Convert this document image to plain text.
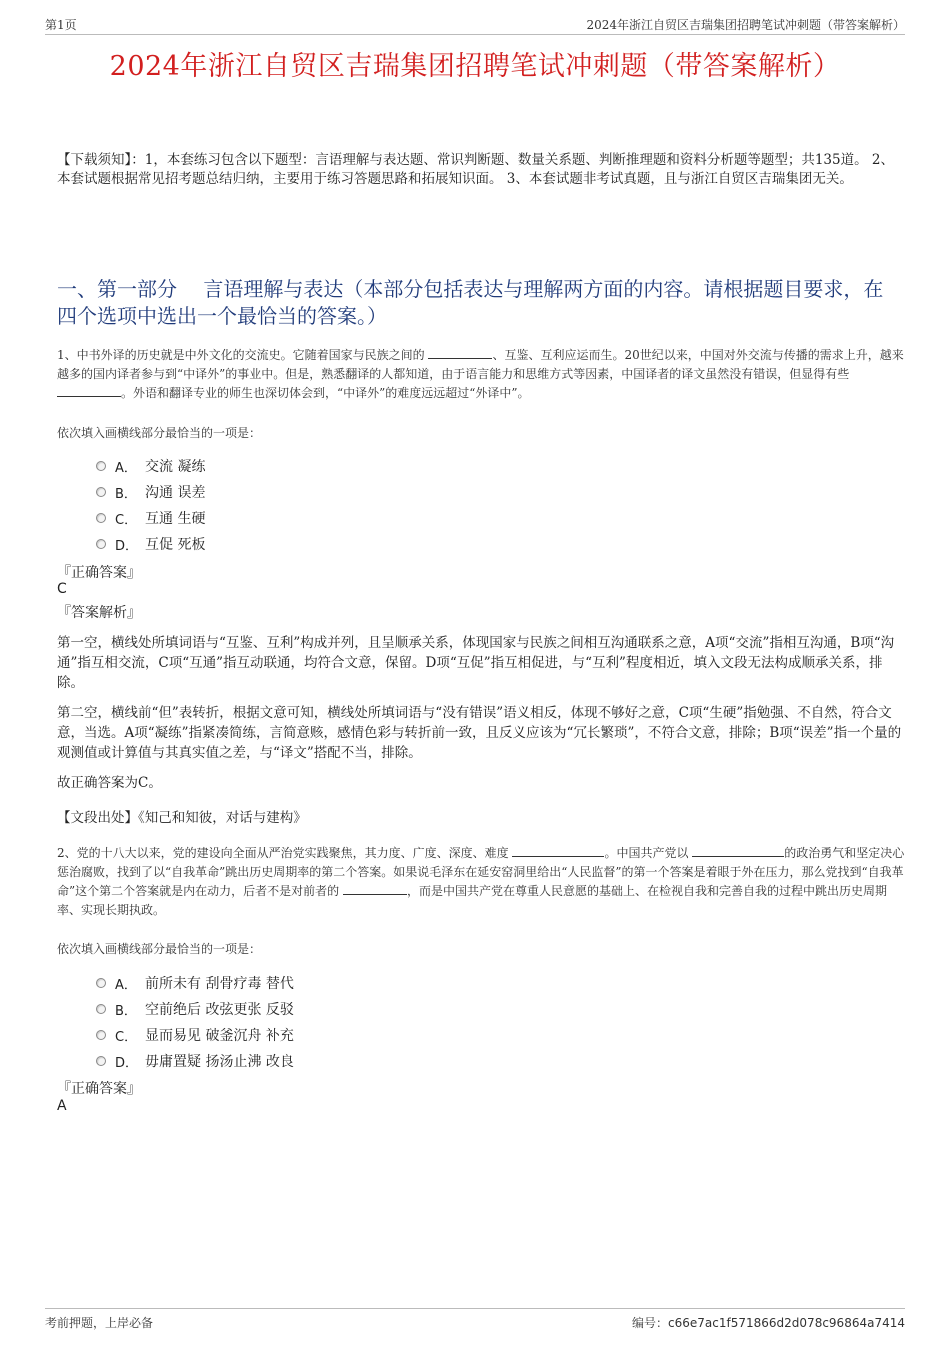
第1页	2024年浙江自贸区吉瑞集团招聘笔试冲刺题（带答案解析）
2024年浙江自贸区吉瑞集团招聘笔试冲刺题（带答案解析）
【下载须知】：1，本套练习包含以下题型：言语理解与表达题、常识判断题、数量关系题、判断推理题和资料分析题等题型；共135道。 2、本套试题根据常见招考题总结归纳，主要用于练习答题思路和拓展知识面。 3、本套试题非考试真题，且与浙江自贸区吉瑞集团无关。
一、第一部分　 言语理解与表达（本部分包括表达与理解两方面的内容。请根据题目要求，在四个选项中选出一个最恰当的答案。）
1、中书外译的历史就是中外文化的交流史。它随着国家与民族之间的	、互鉴、互利应运而生。20世纪以来，中国对外交流与传播的需求上升，越来越多的国内译者参与到“中译外”的事业中。但是，熟悉翻译的人都知道，由于语言能力和思维方式等因素，中国译者的译文虽然没有错误，但显得有些 。外语和翻译专业的师生也深切体会到，“中译外”的难度远远超过“外译中”。
依次填入画横线部分最恰当的一项是：
A． 交流 凝练
B． 沟通 误差
C． 互通 生硬
D． 互促 死板
『正确答案』
C
『答案解析』
第一空，横线处所填词语与“互鉴、互利”构成并列，且呈顺承关系，体现国家与民族之间相互沟通联系之意，A项“交流”指相互沟通，B项“沟通”指互相交流，C项“互通”指互动联通，均符合文意，保留。D项“互促”指互相促进，与“互利”程度相近，填入文段无法构成顺承关系，排除。
第二空，横线前“但”表转折，根据文意可知，横线处所填词语与“没有错误”语义相反，体现不够好之意，C项“生硬”指勉强、不自然，符合文意，当选。A项“凝练”指紧凑简练，言简意赅，感情色彩与转折前一致，且反义应该为“冗长繁琐”，不符合文意，排除；B项“误差”指一个量的观测值或计算值与其真实值之差，与“译文”搭配不当，排除。
故正确答案为C。
【文段出处】《知己和知彼，对话与建构》
2、党的十八大以来，党的建设向全面从严治党实践聚焦，其力度、广度、深度、难度	。中国共产党以	的政治勇气和坚定决心惩治腐败，找到了以“自我革命”跳出历史周期率的第二个答案。如果说毛泽东在延安窑洞里给出“人民监督”的第一个答案是着眼于外在压力，那么党找到“自我革命”这个第二个答案就是内在动力，后者不是对前者的	，而是中国共产党在尊重人民意愿的基础上、在检视自我和完善自我的过程中跳出历史周期率、实现长期执政。
依次填入画横线部分最恰当的一项是：
A． 前所未有 刮骨疗毒 替代
B． 空前绝后 改弦更张 反驳
C． 显而易见 破釜沉舟 补充
D． 毋庸置疑 扬汤止沸 改良
『正确答案』
A
考前押题，上岸必备	编号：c66e7ac1f571866d2d078c96864a7414
